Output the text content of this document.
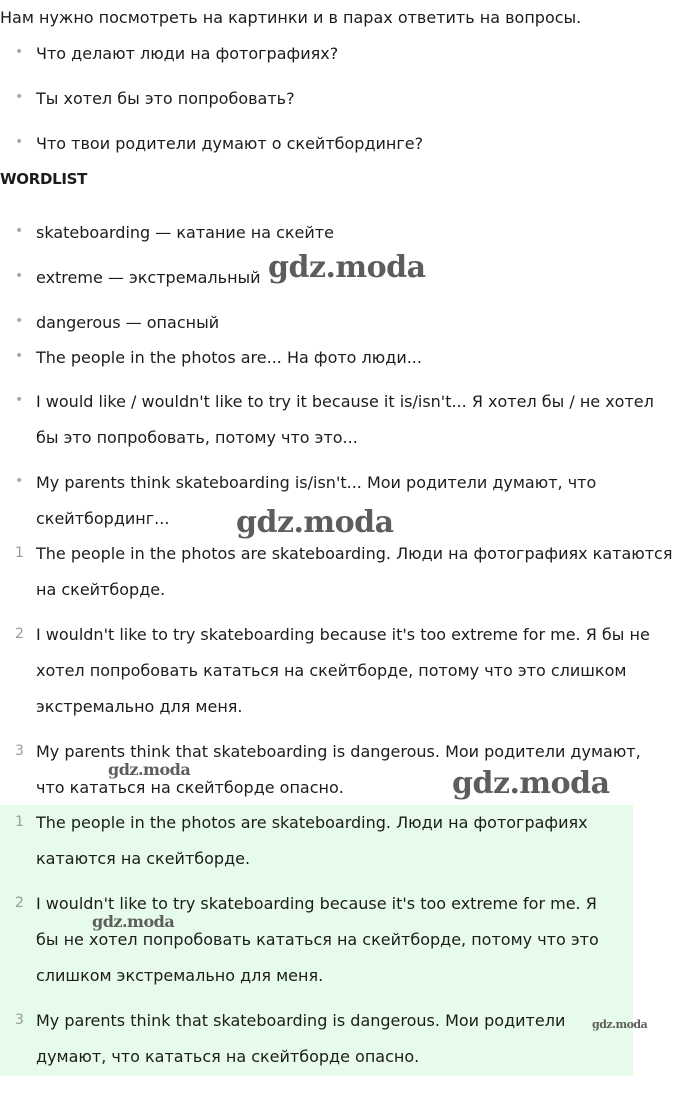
Нам нужно посмотреть на картинки и в парах ответить на вопросы.

• Что делают люди на фотографиях?
• Ты хотел бы это попробовать?
• Что твои родители думают о скейтбординге?
WORDLIST
• skateboarding — катание на скейте
• extreme — экстремальный
• dangerous — опасный
• The people in the photos are... На фото люди...
• I would like / wouldn't like to try it because it is/isn't... Я хотел бы / не хотел бы это попробовать, потому что это...
• My parents think skateboarding is/isn't... Мои родители думают, что скейтбординг...
1 The people in the photos are skateboarding. Люди на фотографиях катаются на скейтборде.
2 I wouldn't like to try skateboarding because it's too extreme for me. Я бы не хотел попробовать кататься на скейтборде, потому что это слишком экстремально для меня.
3 My parents think that skateboarding is dangerous. Мои родители думают, что кататься на скейтборде опасно.
1 The people in the photos are skateboarding. Люди на фотографиях катаются на скейтборде.
2 I wouldn't like to try skateboarding because it's too extreme for me. Я бы не хотел попробовать кататься на скейтборде, потому что это слишком экстремально для меня.
3 My parents think that skateboarding is dangerous. Мои родители думают, что кататься на скейтборде опасно.
gdz.moda
gdz.moda
gdz.moda	gdz.moda
gdz.moda
gdz.moda
